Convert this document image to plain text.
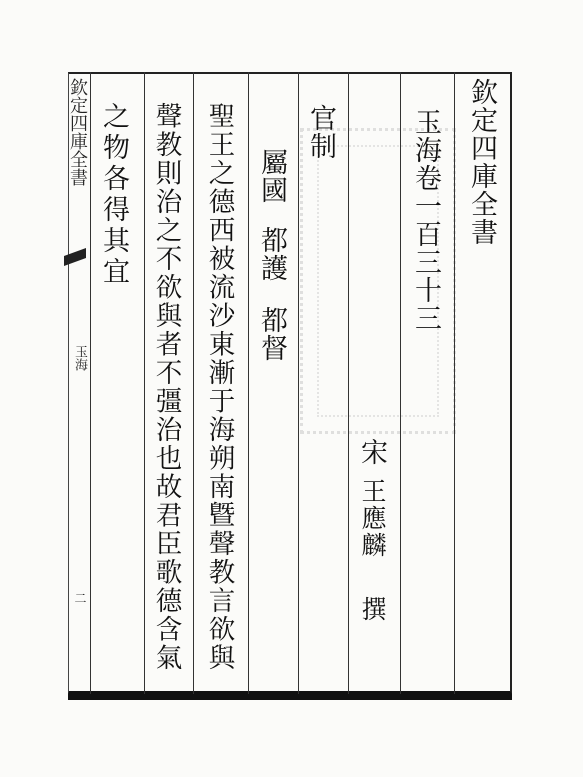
欽定四庫全書
玉海卷一百三十三
宋
王應麟
撰
官制
屬國
都護
都督
聖王之德西被流沙東漸于海朔南曁聲教言欲與
聲教則治之不欲與者不彊治也故君臣歌德含氣
之物各得其宜
欽定四庫全書
玉海
二
